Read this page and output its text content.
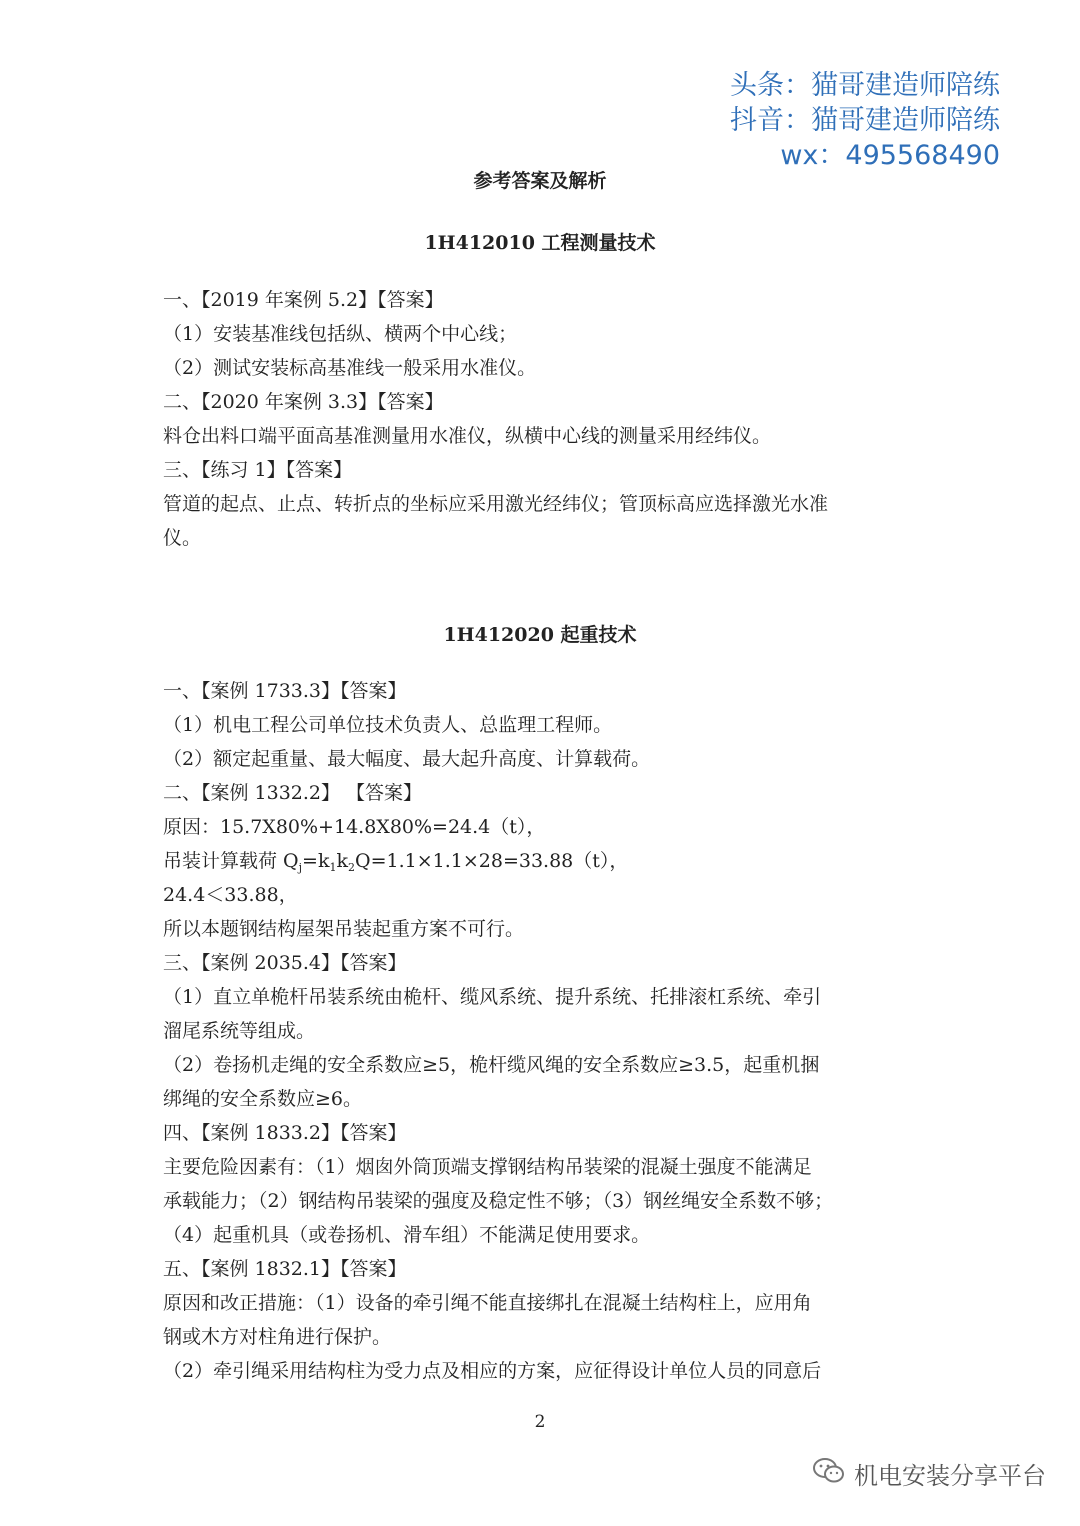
头条：猫哥建造师陪练
抖音：猫哥建造师陪练
wx：495568490
参考答案及解析
1H412010 工程测量技术
一、【2019 年案例 5.2】【答案】
（1）安装基准线包括纵、横两个中心线；
（2）测试安装标高基准线一般采用水准仪。
二、【2020 年案例 3.3】【答案】
料仓出料口端平面高基准测量用水准仪，纵横中心线的测量采用经纬仪。
三、【练习 1】【答案】
管道的起点、止点、转折点的坐标应采用激光经纬仪；管顶标高应选择激光水准
仪。
1H412020 起重技术
一、【案例 1733.3】【答案】
（1）机电工程公司单位技术负责人、总监理工程师。
（2）额定起重量、最大幅度、最大起升高度、计算载荷。
二、【案例 1332.2】 【答案】
原因：15.7X80%+14.8X80%=24.4（t），
吊装计算载荷 $Q_j=k_1k_2Q=1.1\times 1.1\times 28=33.88(t)$，
24.4＜33.88，
所以本题钢结构屋架吊装起重方案不可行。
三、【案例 2035.4】【答案】
（1）直立单桅杆吊装系统由桅杆、缆风系统、提升系统、托排滚杠系统、牵引
溜尾系统等组成。
（2）卷扬机走绳的安全系数应≥5，桅杆缆风绳的安全系数应≥3.5，起重机捆
绑绳的安全系数应≥6。
四、【案例 1833.2】【答案】
主要危险因素有：（1）烟囱外筒顶端支撑钢结构吊装梁的混凝土强度不能满足
承载能力；（2）钢结构吊装梁的强度及稳定性不够；（3）钢丝绳安全系数不够；
（4）起重机具（或卷扬机、滑车组）不能满足使用要求。
五、【案例 1832.1】【答案】
原因和改正措施：（1）设备的牵引绳不能直接绑扎在混凝土结构柱上，应用角
钢或木方对柱角进行保护。
（2）牵引绳采用结构柱为受力点及相应的方案，应征得设计单位人员的同意后
2
机电安装分享平台
